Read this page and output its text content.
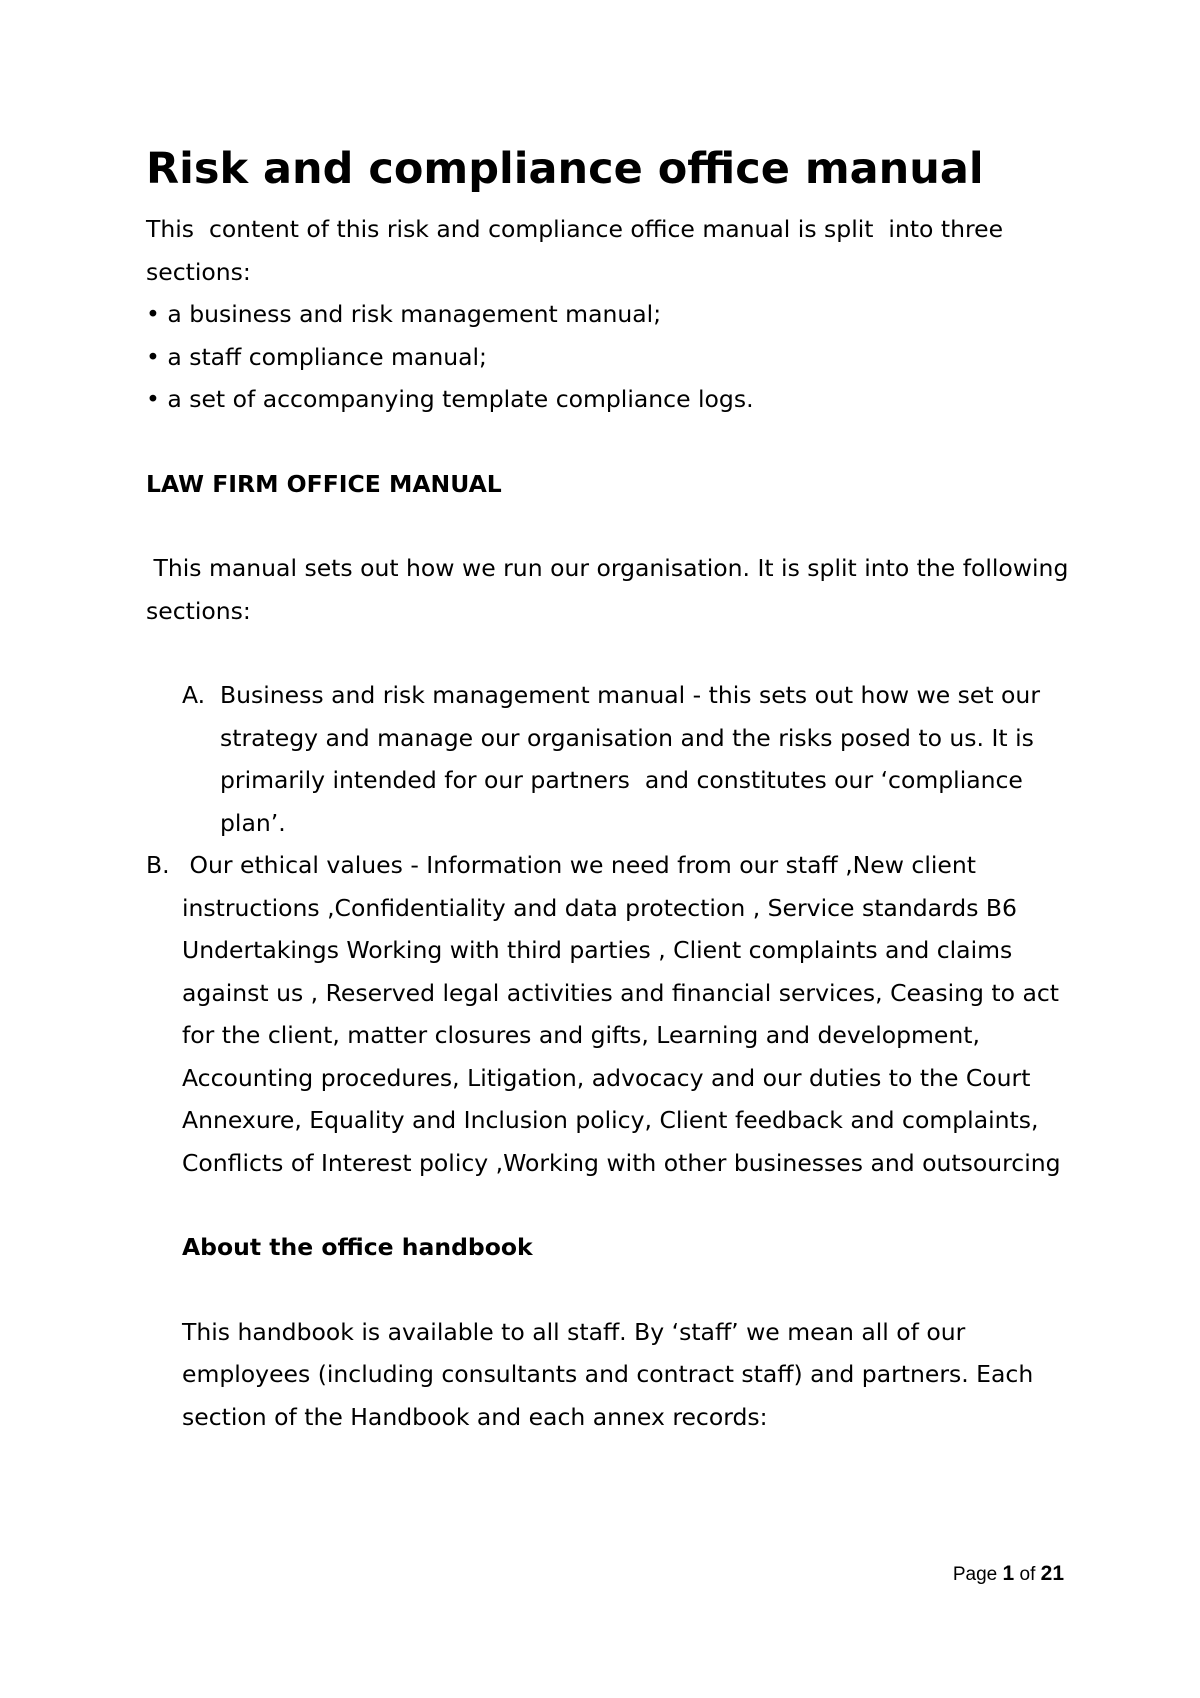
Risk and compliance office manual

This  content of this risk and compliance office manual is split  into three sections:

• a business and risk management manual;
• a staff compliance manual;
• a set of accompanying template compliance logs.
LAW FIRM OFFICE MANUAL

This manual sets out how we run our organisation. It is split into the following sections:

A. Business and risk management manual - this sets out how we set our strategy and manage our organisation and the risks posed to us. It is primarily intended for our partners  and constitutes our ‘compliance plan’.

B. Our ethical values - Information we need from our staff ,New client instructions ,Confidentiality and data protection , Service standards B6 Undertakings Working with third parties , Client complaints and claims against us , Reserved legal activities and financial services, Ceasing to act for the client, matter closures and gifts, Learning and development, Accounting procedures, Litigation, advocacy and our duties to the Court Annexure, Equality and Inclusion policy, Client feedback and complaints, Conflicts of Interest policy ,Working with other businesses and outsourcing

About the office handbook

This handbook is available to all staff. By ‘staff’ we mean all of our employees (including consultants and contract staff) and partners. Each section of the Handbook and each annex records:

Page 1 of 21
